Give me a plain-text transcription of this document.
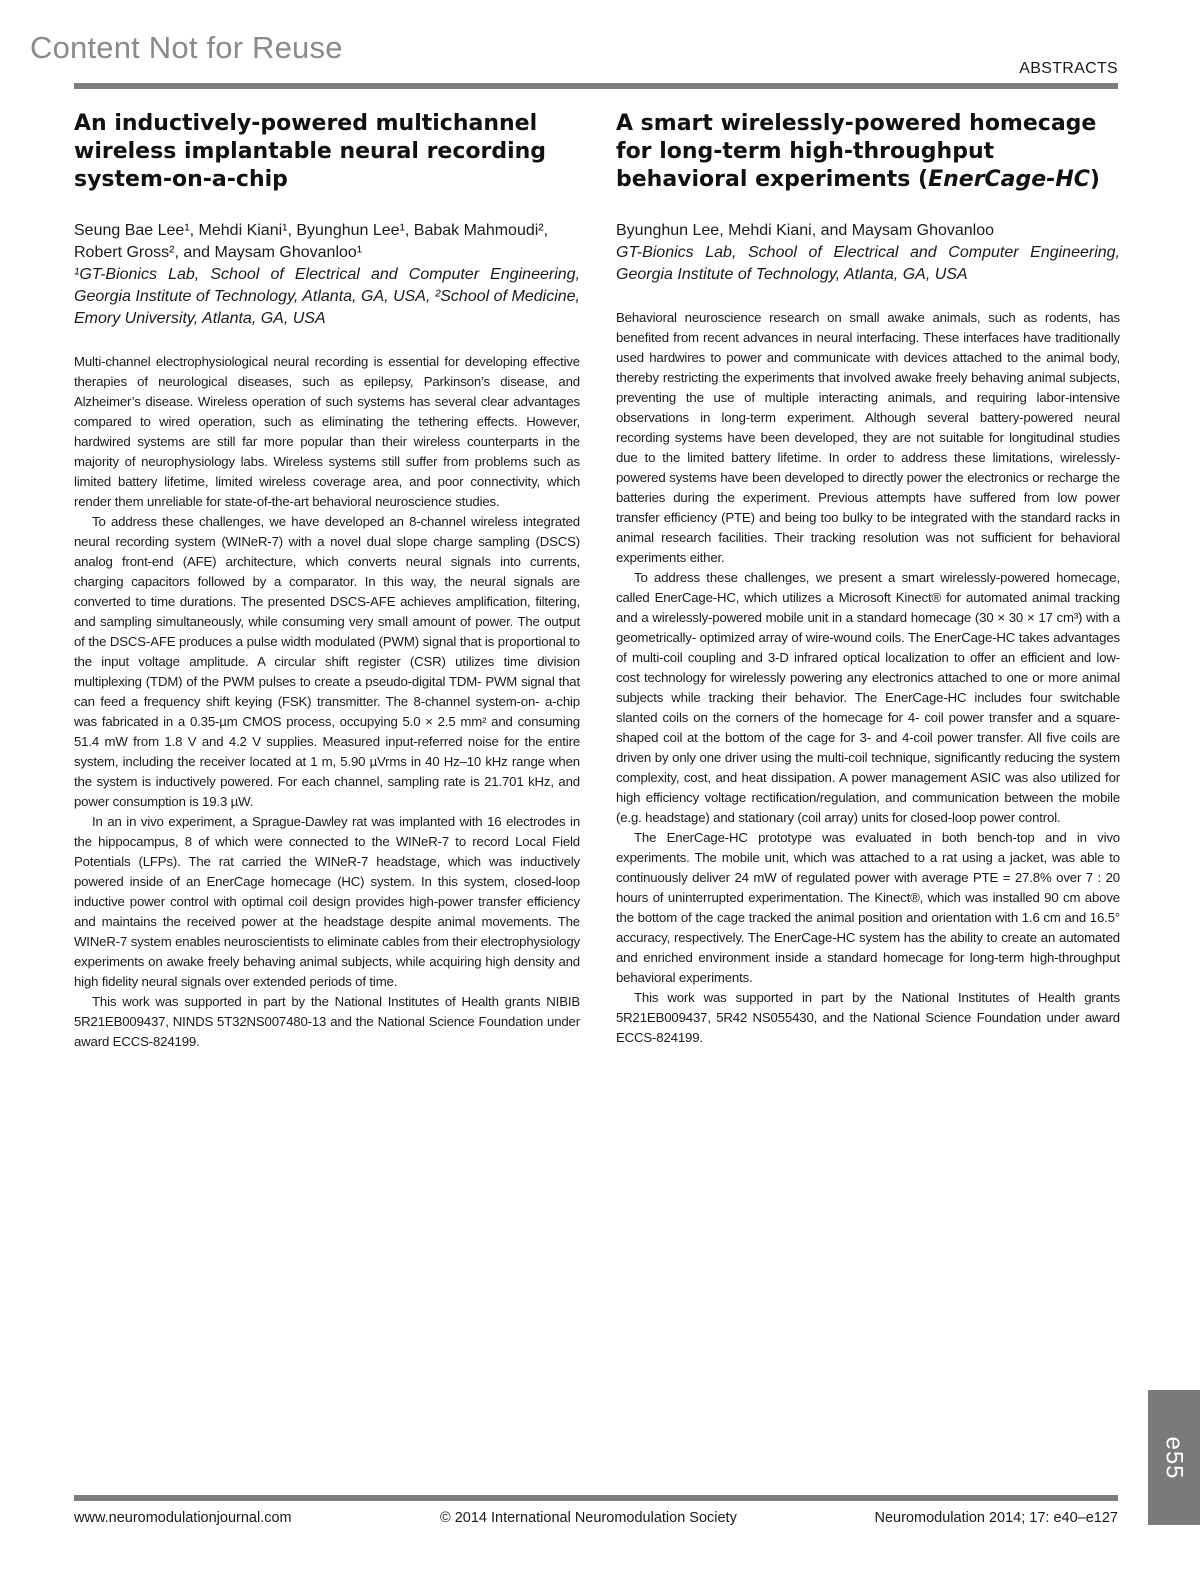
Content Not for Reuse
ABSTRACTS
An inductively-powered multichannel wireless implantable neural recording system-on-a-chip

Seung Bae Lee¹, Mehdi Kiani¹, Byunghun Lee¹, Babak Mahmoudi², Robert Gross², and Maysam Ghovanloo¹

¹GT-Bionics Lab, School of Electrical and Computer Engineering, Georgia Institute of Technology, Atlanta, GA, USA, ²School of Medicine, Emory University, Atlanta, GA, USA

Multi-channel electrophysiological neural recording is essential for developing effective therapies of neurological diseases, such as epilepsy, Parkinson’s disease, and Alzheimer’s disease. Wireless operation of such systems has several clear advantages compared to wired operation, such as eliminating the tethering effects. However, hardwired systems are still far more popular than their wireless counterparts in the majority of neurophysiology labs. Wireless systems still suffer from problems such as limited battery lifetime, limited wireless coverage area, and poor connectivity, which render them unreliable for state-of-the-art behavioral neuroscience studies.

To address these challenges, we have developed an 8-channel wireless integrated neural recording system (WINeR-7) with a novel dual slope charge sampling (DSCS) analog front-end (AFE) architecture, which converts neural signals into currents, charging capacitors followed by a comparator. In this way, the neural signals are converted to time durations. The presented DSCS-AFE achieves amplification, filtering, and sampling simultaneously, while consuming very small amount of power. The output of the DSCS-AFE produces a pulse width modulated (PWM) signal that is proportional to the input voltage amplitude. A circular shift register (CSR) utilizes time division multiplexing (TDM) of the PWM pulses to create a pseudo-digital TDM- PWM signal that can feed a frequency shift keying (FSK) transmitter. The 8-channel system-on- a-chip was fabricated in a 0.35-µm CMOS process, occupying 5.0 × 2.5 mm² and consuming 51.4 mW from 1.8 V and 4.2 V supplies. Measured input-referred noise for the entire system, including the receiver located at 1 m, 5.90 µVrms in 40 Hz–10 kHz range when the system is inductively powered. For each channel, sampling rate is 21.701 kHz, and power consumption is 19.3 µW.

In an in vivo experiment, a Sprague-Dawley rat was implanted with 16 electrodes in the hippocampus, 8 of which were connected to the WINeR-7 to record Local Field Potentials (LFPs). The rat carried the WINeR-7 headstage, which was inductively powered inside of an EnerCage homecage (HC) system. In this system, closed-loop inductive power control with optimal coil design provides high-power transfer efficiency and maintains the received power at the headstage despite animal movements. The WINeR-7 system enables neuroscientists to eliminate cables from their electrophysiology experiments on awake freely behaving animal subjects, while acquiring high density and high fidelity neural signals over extended periods of time.

This work was supported in part by the National Institutes of Health grants NIBIB 5R21EB009437, NINDS 5T32NS007480-13 and the National Science Foundation under award ECCS-824199.

A smart wirelessly-powered homecage for long-term high-throughput behavioral experiments (EnerCage-HC)

Byunghun Lee, Mehdi Kiani, and Maysam Ghovanloo

GT-Bionics Lab, School of Electrical and Computer Engineering, Georgia Institute of Technology, Atlanta, GA, USA

Behavioral neuroscience research on small awake animals, such as rodents, has benefited from recent advances in neural interfacing. These interfaces have traditionally used hardwires to power and communicate with devices attached to the animal body, thereby restricting the experiments that involved awake freely behaving animal subjects, preventing the use of multiple interacting animals, and requiring labor-intensive observations in long-term experiment. Although several battery-powered neural recording systems have been developed, they are not suitable for longitudinal studies due to the limited battery lifetime. In order to address these limitations, wirelessly-powered systems have been developed to directly power the electronics or recharge the batteries during the experiment. Previous attempts have suffered from low power transfer efficiency (PTE) and being too bulky to be integrated with the standard racks in animal research facilities. Their tracking resolution was not sufficient for behavioral experiments either.

To address these challenges, we present a smart wirelessly-powered homecage, called EnerCage-HC, which utilizes a Microsoft Kinect® for automated animal tracking and a wirelessly-powered mobile unit in a standard homecage (30 × 30 × 17 cm³) with a geometrically- optimized array of wire-wound coils. The EnerCage-HC takes advantages of multi-coil coupling and 3-D infrared optical localization to offer an efficient and low-cost technology for wirelessly powering any electronics attached to one or more animal subjects while tracking their behavior. The EnerCage-HC includes four switchable slanted coils on the corners of the homecage for 4- coil power transfer and a square-shaped coil at the bottom of the cage for 3- and 4-coil power transfer. All five coils are driven by only one driver using the multi-coil technique, significantly reducing the system complexity, cost, and heat dissipation. A power management ASIC was also utilized for high efficiency voltage rectification/regulation, and communication between the mobile (e.g. headstage) and stationary (coil array) units for closed-loop power control.

The EnerCage-HC prototype was evaluated in both bench-top and in vivo experiments. The mobile unit, which was attached to a rat using a jacket, was able to continuously deliver 24 mW of regulated power with average PTE = 27.8% over 7 : 20 hours of uninterrupted experimentation. The Kinect®, which was installed 90 cm above the bottom of the cage tracked the animal position and orientation with 1.6 cm and 16.5° accuracy, respectively. The EnerCage-HC system has the ability to create an automated and enriched environment inside a standard homecage for long-term high-throughput behavioral experiments.

This work was supported in part by the National Institutes of Health grants 5R21EB009437, 5R42 NS055430, and the National Science Foundation under award ECCS-824199.

www.neuromodulationjournal.com	© 2014 International Neuromodulation Society	Neuromodulation 2014; 17: e40–e127
e55
